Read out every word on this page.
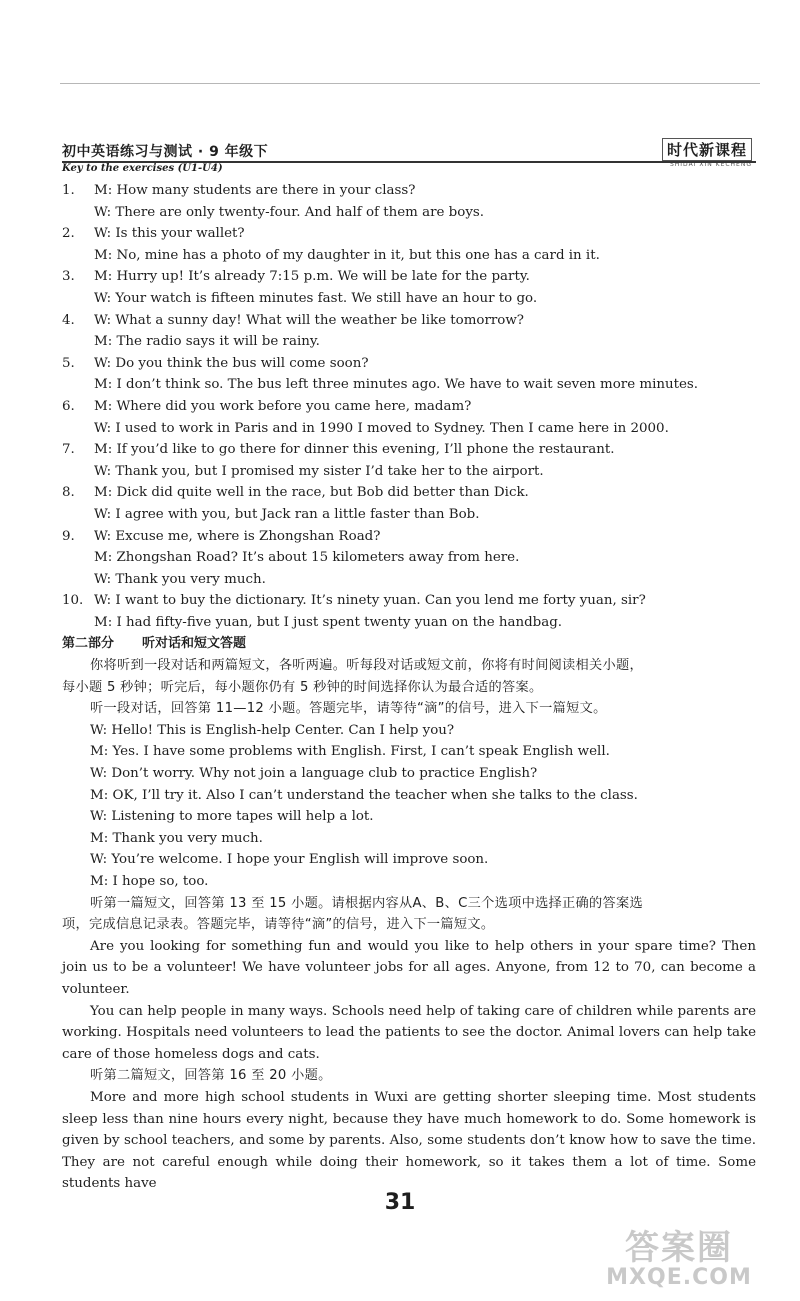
初中英语练习与测试 · 9 年级下	时代新课程
SHIDAI XIN KECHENG
Key to the exercises (U1-U4)
1. M: How many students are there in your class?
W: There are only twenty-four. And half of them are boys.
2. W: Is this your wallet?
M: No, mine has a photo of my daughter in it, but this one has a card in it.
3. M: Hurry up! It’s already 7:15 p.m. We will be late for the party.
W: Your watch is fifteen minutes fast. We still have an hour to go.
4. W: What a sunny day! What will the weather be like tomorrow?
M: The radio says it will be rainy.
5. W: Do you think the bus will come soon?
M: I don’t think so. The bus left three minutes ago. We have to wait seven more minutes.
6. M: Where did you work before you came here, madam?
W: I used to work in Paris and in 1990 I moved to Sydney. Then I came here in 2000.
7. M: If you’d like to go there for dinner this evening, I’ll phone the restaurant.
W: Thank you, but I promised my sister I’d take her to the airport.
8. M: Dick did quite well in the race, but Bob did better than Dick.
W: I agree with you, but Jack ran a little faster than Bob.
9. W: Excuse me, where is Zhongshan Road?
M: Zhongshan Road? It’s about 15 kilometers away from here.
W: Thank you very much.
10. W: I want to buy the dictionary. It’s ninety yuan. Can you lend me forty yuan, sir?
M: I had fifty-five yuan, but I just spent twenty yuan on the handbag.
第二部分 听对话和短文答题
你将听到一段对话和两篇短文，各听两遍。听每段对话或短文前，你将有时间阅读相关小题，
每小题 5 秒钟；听完后，每小题你仍有 5 秒钟的时间选择你认为最合适的答案。
听一段对话，回答第 11—12 小题。答题完毕，请等待“滴”的信号，进入下一篇短文。
W: Hello! This is English-help Center. Can I help you?
M: Yes. I have some problems with English. First, I can’t speak English well.
W: Don’t worry. Why not join a language club to practice English?
M: OK, I’ll try it. Also I can’t understand the teacher when she talks to the class.
W: Listening to more tapes will help a lot.
M: Thank you very much.
W: You’re welcome. I hope your English will improve soon.
M: I hope so, too.
听第一篇短文，回答第 13 至 15 小题。请根据内容从A、B、C三个选项中选择正确的答案选
项，完成信息记录表。答题完毕，请等待“滴”的信号，进入下一篇短文。
Are you looking for something fun and would you like to help others in your spare time? Then join us to be a volunteer! We have volunteer jobs for all ages. Anyone, from 12 to 70, can become a volunteer.
You can help people in many ways. Schools need help of taking care of children while parents are working. Hospitals need volunteers to lead the patients to see the doctor. Animal lovers can help take care of those homeless dogs and cats.
听第二篇短文，回答第 16 至 20 小题。
More and more high school students in Wuxi are getting shorter sleeping time. Most students sleep less than nine hours every night, because they have much homework to do. Some homework is given by school teachers, and some by parents. Also, some students don’t know how to save the time. They are not careful enough while doing their homework, so it takes them a lot of time. Some students have
31
答案圈
MXQE.COM
